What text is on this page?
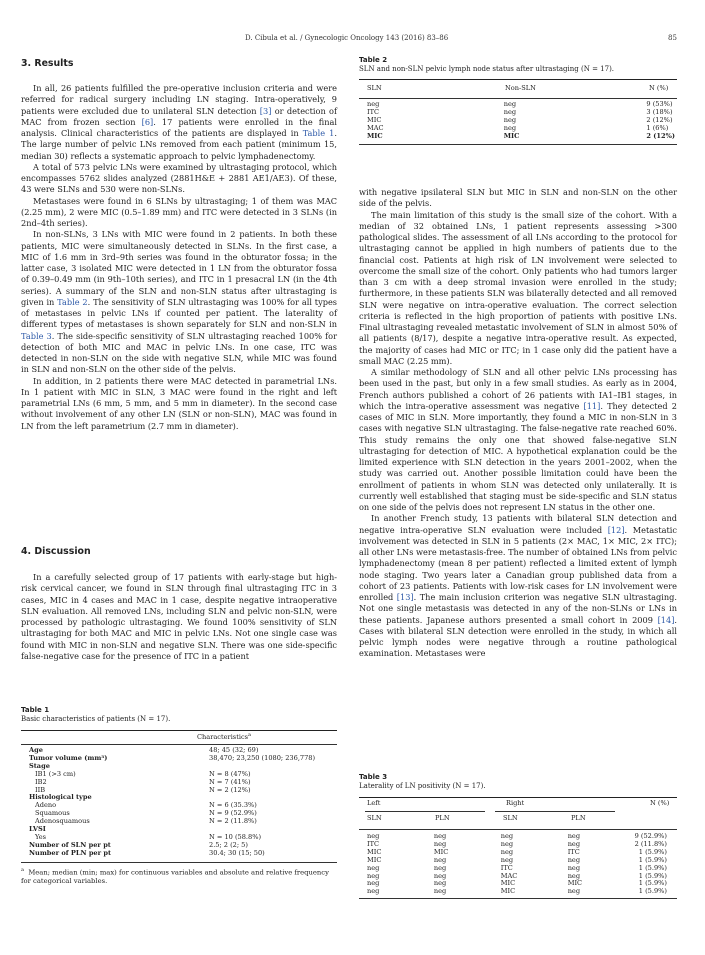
D. Cibula et al. / Gynecologic Oncology 143 (2016) 83–86	85
3. Results

In all, 26 patients fulfilled the pre-operative inclusion criteria and were referred for radical surgery including LN staging. Intra-operatively, 9 patients were excluded due to unilateral SLN detection [3] or detection of MAC from frozen section [6]. 17 patients were enrolled in the final analysis. Clinical characteristics of the patients are displayed in Table 1. The large number of pelvic LNs removed from each patient (minimum 15, median 30) reflects a systematic approach to pelvic lymphadenectomy.

A total of 573 pelvic LNs were examined by ultrastaging protocol, which encompasses 5762 slides analyzed (2881H&E + 2881 AE1/AE3). Of these, 43 were SLNs and 530 were non-SLNs.

Metastases were found in 6 SLNs by ultrastaging; 1 of them was MAC (2.25 mm), 2 were MIC (0.5–1.89 mm) and ITC were detected in 3 SLNs (in 2nd–4th series).

In non-SLNs, 3 LNs with MIC were found in 2 patients. In both these patients, MIC were simultaneously detected in SLNs. In the first case, a MIC of 1.6 mm in 3rd–9th series was found in the obturator fossa; in the latter case, 3 isolated MIC were detected in 1 LN from the obturator fossa of 0.39–0.49 mm (in 9th–10th series), and ITC in 1 presacral LN (in the 4th series). A summary of the SLN and non-SLN status after ultrastaging is given in Table 2. The sensitivity of SLN ultrastaging was 100% for all types of metastases in pelvic LNs if counted per patient. The laterality of different types of metastases is shown separately for SLN and non-SLN in Table 3. The side-specific sensitivity of SLN ultrastaging reached 100% for detection of both MIC and MAC in pelvic LNs. In one case, ITC was detected in non-SLN on the side with negative SLN, while MIC was found in SLN and non-SLN on the other side of the pelvis.

In addition, in 2 patients there were MAC detected in parametrial LNs. In 1 patient with MIC in SLN, 3 MAC were found in the right and left parametrial LNs (6 mm, 5 mm, and 5 mm in diameter). In the second case without involvement of any other LN (SLN or non-SLN), MAC was found in LN from the left parametrium (2.7 mm in diameter).

4. Discussion

In a carefully selected group of 17 patients with early-stage but high-risk cervical cancer, we found in SLN through final ultrastaging ITC in 3 cases, MIC in 4 cases and MAC in 1 case, despite negative intraoperative SLN evaluation. All removed LNs, including SLN and pelvic non-SLN, were processed by pathologic ultrastaging. We found 100% sensitivity of SLN ultrastaging for both MAC and MIC in pelvic LNs. Not one single case was found with MIC in non-SLN and negative SLN. There was one side-specific false-negative case for the presence of ITC in a patient

Table 1
Basic characteristics of patients (N = 17).
	Characteristics$^a$
Age	48; 45 (32; 69)
Tumor volume (mm³)	38,470; 23,250 (1080; 236,778)
Stage	
IB1 (>3 cm)	N = 8 (47%)
IB2	N = 7 (41%)
IIB	N = 2 (12%)
Histological type	
Adeno	N = 6 (35.3%)
Squamous	N = 9 (52.9%)
Adenosquamous	N = 2 (11.8%)
LVSI	
Yes	N = 10 (58.8%)
Number of SLN per pt	2.5; 2 (2; 5)
Number of PLN per pt	30.4; 30 (15; 50)
$^a$ Mean; median (min; max) for continuous variables and absolute and relative frequency for categorical variables.
Table 2
SLN and non-SLN pelvic lymph node status after ultrastaging (N = 17).
SLN	Non-SLN	N (%)
neg	neg	9 (53%)
ITC	neg	3 (18%)
MIC	neg	2 (12%)
MAC	neg	1 (6%)
MIC	MIC	2 (12%)

with negative ipsilateral SLN but MIC in SLN and non-SLN on the other side of the pelvis.

The main limitation of this study is the small size of the cohort. With a median of 32 obtained LNs, 1 patient represents assessing >300 pathological slides. The assessment of all LNs according to the protocol for ultrastaging cannot be applied in high numbers of patients due to the financial cost. Patients at high risk of LN involvement were selected to overcome the small size of the cohort. Only patients who had tumors larger than 3 cm with a deep stromal invasion were enrolled in the study; furthermore, in these patients SLN was bilaterally detected and all removed SLN were negative on intra-operative evaluation. The correct selection criteria is reflected in the high proportion of patients with positive LNs. Final ultrastaging revealed metastatic involvement of SLN in almost 50% of all patients (8/17), despite a negative intra-operative result. As expected, the majority of cases had MIC or ITC; in 1 case only did the patient have a small MAC (2.25 mm).

A similar methodology of SLN and all other pelvic LNs processing has been used in the past, but only in a few small studies. As early as in 2004, French authors published a cohort of 26 patients with IA1–IB1 stages, in which the intra-operative assessment was negative [11]. They detected 2 cases of MIC in SLN. More importantly, they found a MIC in non-SLN in 3 cases with negative SLN ultrastaging. The false-negative rate reached 60%. This study remains the only one that showed false-negative SLN ultrastaging for detection of MIC. A hypothetical explanation could be the limited experience with SLN detection in the years 2001–2002, when the study was carried out. Another possible limitation could have been the enrollment of patients in whom SLN was detected only unilaterally. It is currently well established that staging must be side-specific and SLN status on one side of the pelvis does not represent LN status in the other one.

In another French study, 13 patients with bilateral SLN detection and negative intra-operative SLN evaluation were included [12]. Metastatic involvement was detected in SLN in 5 patients (2× MAC, 1× MIC, 2× ITC); all other LNs were metastasis-free. The number of obtained LNs from pelvic lymphadenectomy (mean 8 per patient) reflected a limited extent of lymph node staging. Two years later a Canadian group published data from a cohort of 23 patients. Patients with low-risk cases for LN involvement were enrolled [13]. The main inclusion criterion was negative SLN ultrastaging. Not one single metastasis was detected in any of the non-SLNs or LNs in these patients. Japanese authors presented a small cohort in 2009 [14]. Cases with bilateral SLN detection were enrolled in the study, in which all pelvic lymph nodes were negative through a routine pathological examination. Metastases were

Table 3
Laterality of LN positivity (N = 17).
Left	Right	N (%)
SLN	PLN	SLN	PLN	
neg	neg	neg	neg	9 (52.9%)
ITC	neg	neg	neg	2 (11.8%)
MIC	MIC	neg	ITC	1 (5.9%)
MIC	neg	neg	neg	1 (5.9%)
neg	neg	ITC	neg	1 (5.9%)
neg	neg	MAC	neg	1 (5.9%)
neg	neg	MIC	MIC	1 (5.9%)
neg	neg	MIC	neg	1 (5.9%)
